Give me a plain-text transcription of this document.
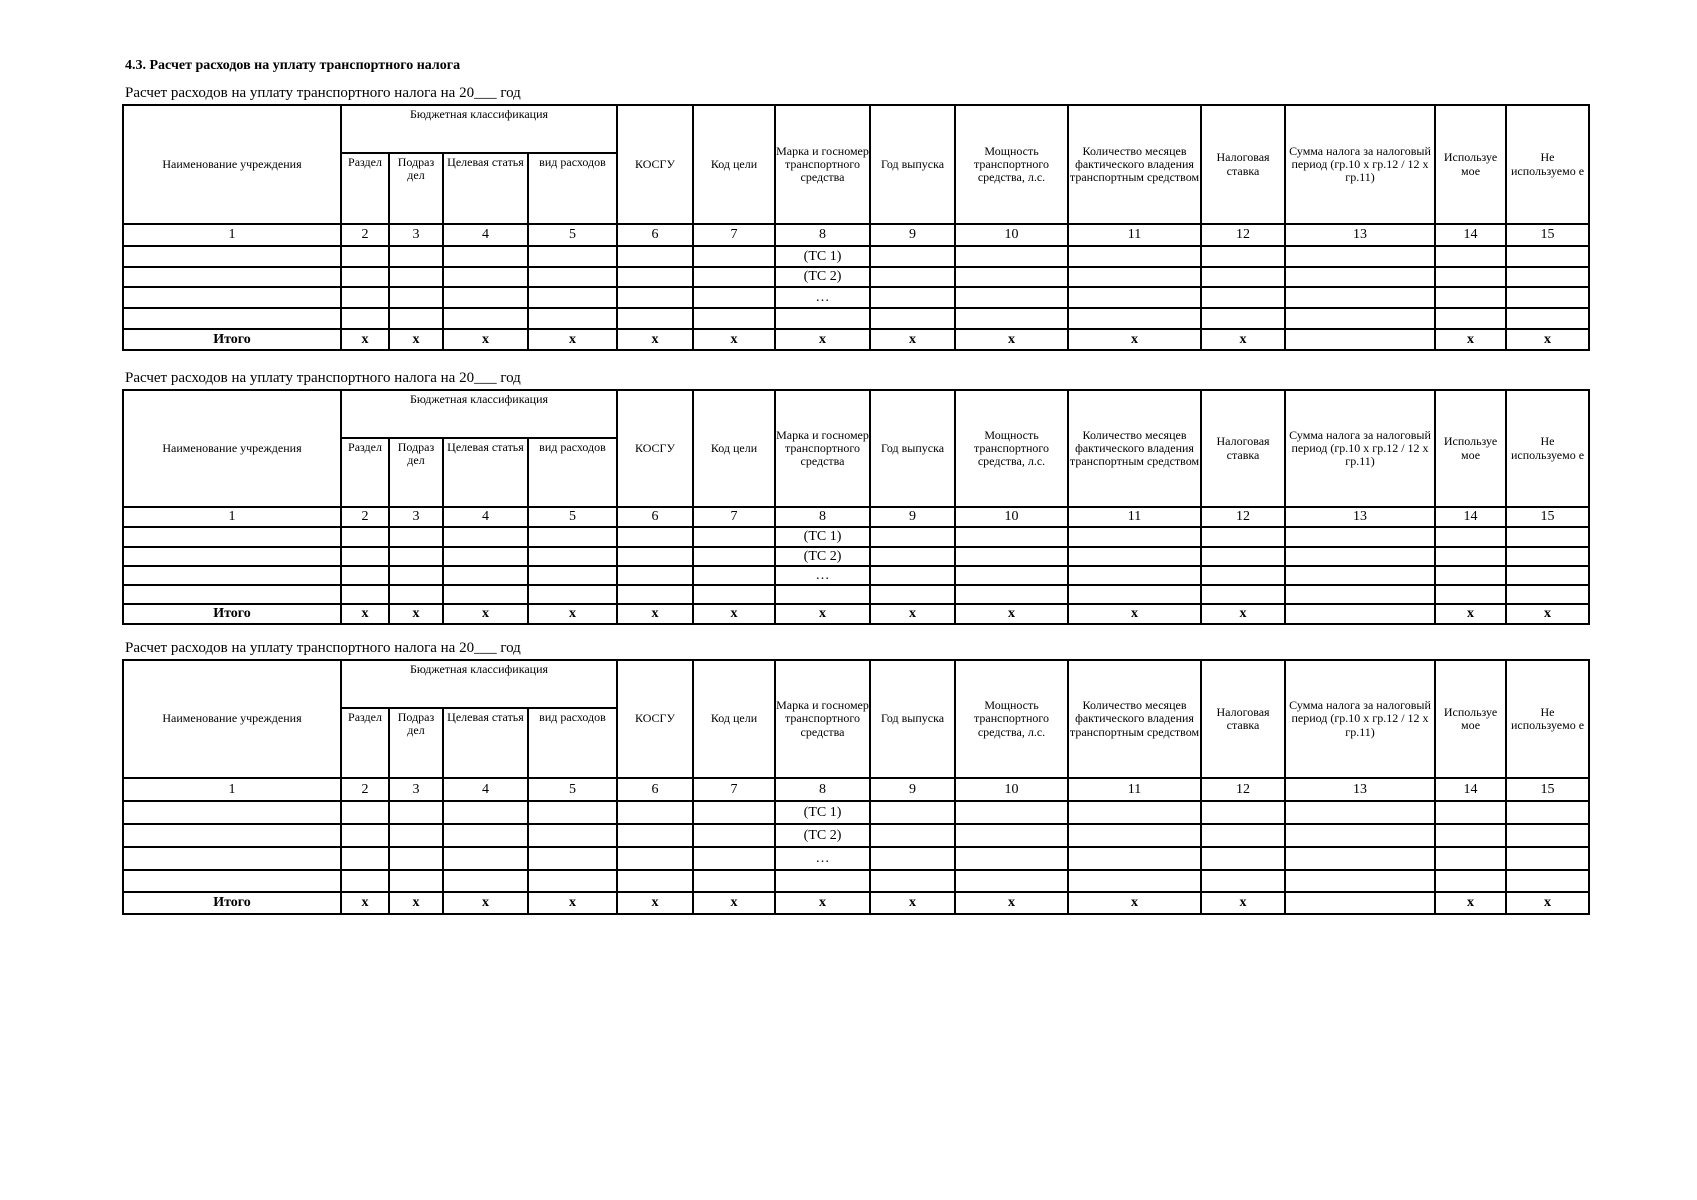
4.3. Расчет расходов на уплату транспортного налога
Расчет расходов на уплату транспортного налога на 20___ год
Наименование учреждения	Бюджетная классификация				КОСГУ	Код цели	Марка и госномер транспортного средства	Год выпуска	Мощность транспортного средства, л.с.	Количество месяцев фактического владения транспортным средством	Налоговая ставка	Сумма налога за налоговый период (гр.10 х гр.12 / 12 х гр.11)	Используе мое	Не используемо е
	Раздел	Подраз дел	Целевая статья	вид расходов										
1	2	3	4	5	6	7	8	9	10	11	12	13	14	15
							(ТС 1)							
							(ТС 2)							
							…							

Итого	х	х	х	х	х	х	х	х	х	х	х		х	х
Расчет расходов на уплату транспортного налога на 20___ год
Наименование учреждения	Бюджетная классификация				КОСГУ	Код цели	Марка и госномер транспортного средства	Год выпуска	Мощность транспортного средства, л.с.	Количество месяцев фактического владения транспортным средством	Налоговая ставка	Сумма налога за налоговый период (гр.10 х гр.12 / 12 х гр.11)	Используе мое	Не используемо е
	Раздел	Подраз дел	Целевая статья	вид расходов										
1	2	3	4	5	6	7	8	9	10	11	12	13	14	15
							(ТС 1)							
							(ТС 2)							
							…							

Итого	х	х	х	х	х	х	х	х	х	х	х		х	х
Расчет расходов на уплату транспортного налога на 20___ год
Наименование учреждения	Бюджетная классификация				КОСГУ	Код цели	Марка и госномер транспортного средства	Год выпуска	Мощность транспортного средства, л.с.	Количество месяцев фактического владения транспортным средством	Налоговая ставка	Сумма налога за налоговый период (гр.10 х гр.12 / 12 х гр.11)	Используе мое	Не используемо е
	Раздел	Подраз дел	Целевая статья	вид расходов										
1	2	3	4	5	6	7	8	9	10	11	12	13	14	15
							(ТС 1)							
							(ТС 2)							
							…							

Итого	х	х	х	х	х	х	х	х	х	х	х		х	х
